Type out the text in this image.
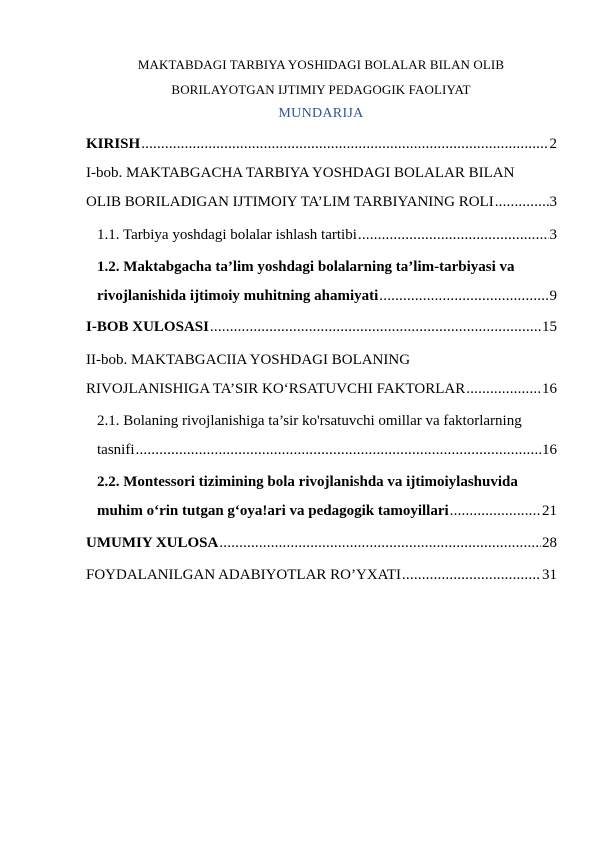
MAKTABDAGI TARBIYA YOSHIDAGI BOLALAR BILAN OLIB
BORILAYOTGAN IJTIMIY PEDAGOGIK FAOLIYAT
MUNDARIJA
KIRISH .....	2
I-bob. MAKTABGACHA TARBIYA YOSHDAGI BOLALAR BILAN
OLIB BORILADIGAN IJTIMOIY TA’LIM TARBIYANING ROLI .....	3
1.1. Tarbiya yoshdagi bolalar ishlash tartibi .....	3
1.2. Maktabgacha ta’lim yoshdagi bolalarning ta’lim-tarbiyasi va
rivojlanishida ijtimoiy muhitning ahamiyati .....	9
I-BOB XULOSASI .....	15
II-bob. MAKTABGACIIA YOSHDAGI BOLANING
RIVOJLANISHIGA TA’SIR KO‘RSATUVCHI FAKTORLAR .....	16
2.1. Bolaning rivojlanishiga ta’sir ko'rsatuvchi omillar va faktorlarning
tasnifi .....	16
2.2. Montessori tizimining bola rivojlanishda va ijtimoiylashuvida
muhim o‘rin tutgan g‘oya!ari va pedagogik tamoyillari .....	21
UMUMIY XULOSA .....	28
FOYDALANILGAN ADABIYOTLAR RO’YXATI .....	31
